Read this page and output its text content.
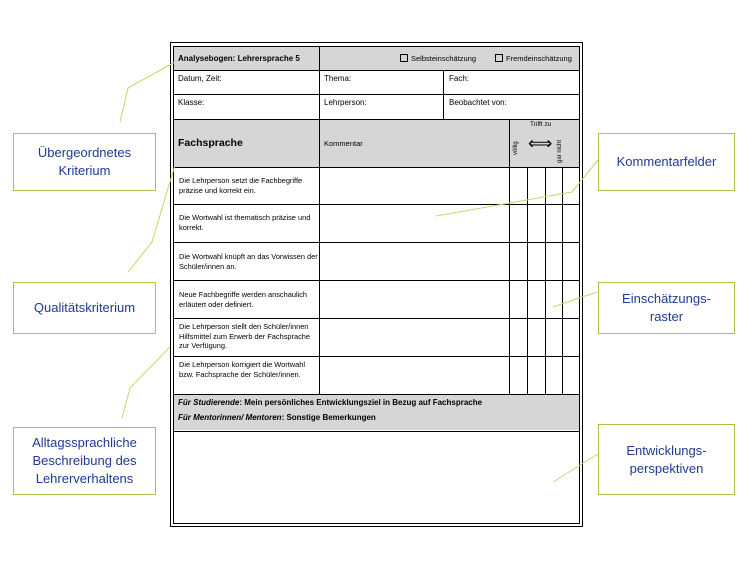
Analysebogen: Lehrersprache 5	Selbsteinschätzung	Fremdeinschätzung
Datum, Zeit:	Thema:	Fach:
Klasse:	Lehrperson:	Beobachtet von:
Fachsprache	Kommentar
Trifft zu
völlig ⟺ gar nicht
Die Lehrperson setzt die Fachbegriffe präzise und korrekt ein.
Die Wortwahl ist thematisch präzise und korrekt.
Die Wortwahl knüpft an das Vorwissen der Schüler/innen an.
Neue Fachbegriffe werden anschaulich erläutert oder definiert.
Die Lehrperson stellt den Schüler/innen Hilfsmittel zum Erwerb der Fachsprache zur Verfügung.
Die Lehrperson korrigiert die Wortwahl bzw. Fachsprache der Schüler/innen.
Für Studierende: Mein persönliches Entwicklungsziel in Bezug auf Fachsprache
Für Mentorinnen/ Mentoren: Sonstige Bemerkungen
Übergeordnetes
Kriterium
Qualitätskriterium
Alltagssprachliche
Beschreibung des
Lehrerverhaltens
Kommentarfelder
Einschätzungs-
raster
Entwicklungs-
perspektiven
